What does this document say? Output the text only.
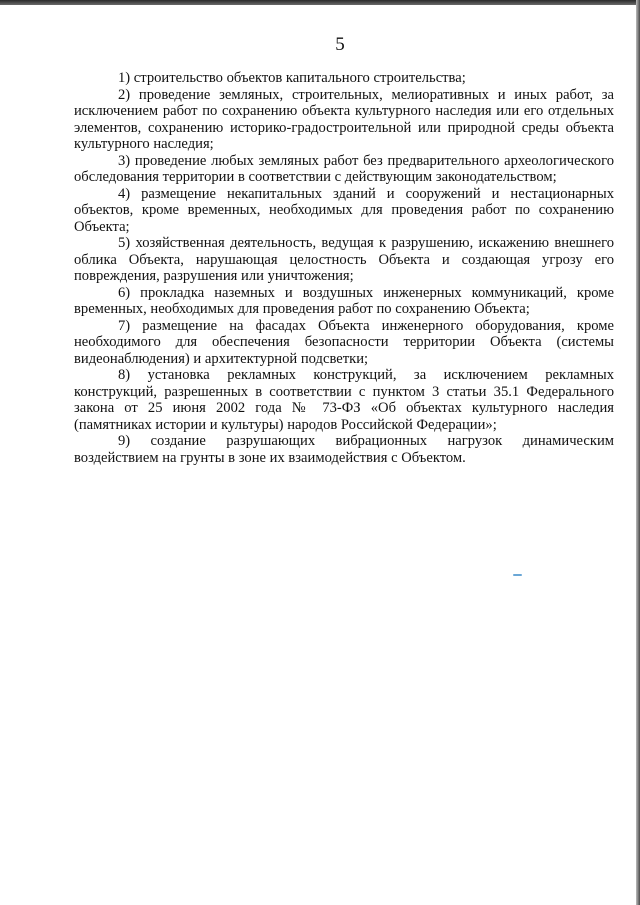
5

1) строительство объектов капитального строительства;

2) проведение земляных, строительных, мелиоративных и иных работ, за исключением работ по сохранению объекта культурного наследия или его отдельных элементов, сохранению историко-градостроительной или природной среды объекта культурного наследия;

3) проведение любых земляных работ без предварительного археологического обследования территории в соответствии с действующим законодательством;

4) размещение некапитальных зданий и сооружений и нестационарных объектов, кроме временных, необходимых для проведения работ по сохранению Объекта;

5) хозяйственная деятельность, ведущая к разрушению, искажению внешнего облика Объекта, нарушающая целостность Объекта и создающая угрозу его повреждения, разрушения или уничтожения;

6) прокладка наземных и воздушных инженерных коммуникаций, кроме временных, необходимых для проведения работ по сохранению Объекта;

7) размещение на фасадах Объекта инженерного оборудования, кроме необходимого для обеспечения безопасности территории Объекта (системы видеонаблюдения) и архитектурной подсветки;

8) установка рекламных конструкций, за исключением рекламных конструкций, разрешенных в соответствии с пунктом 3 статьи 35.1 Федерального закона от 25 июня 2002 года № 73-ФЗ «Об объектах культурного наследия (памятниках истории и культуры) народов Российской Федерации»;

9) создание разрушающих вибрационных нагрузок динамическим воздействием на грунты в зоне их взаимодействия с Объектом.
